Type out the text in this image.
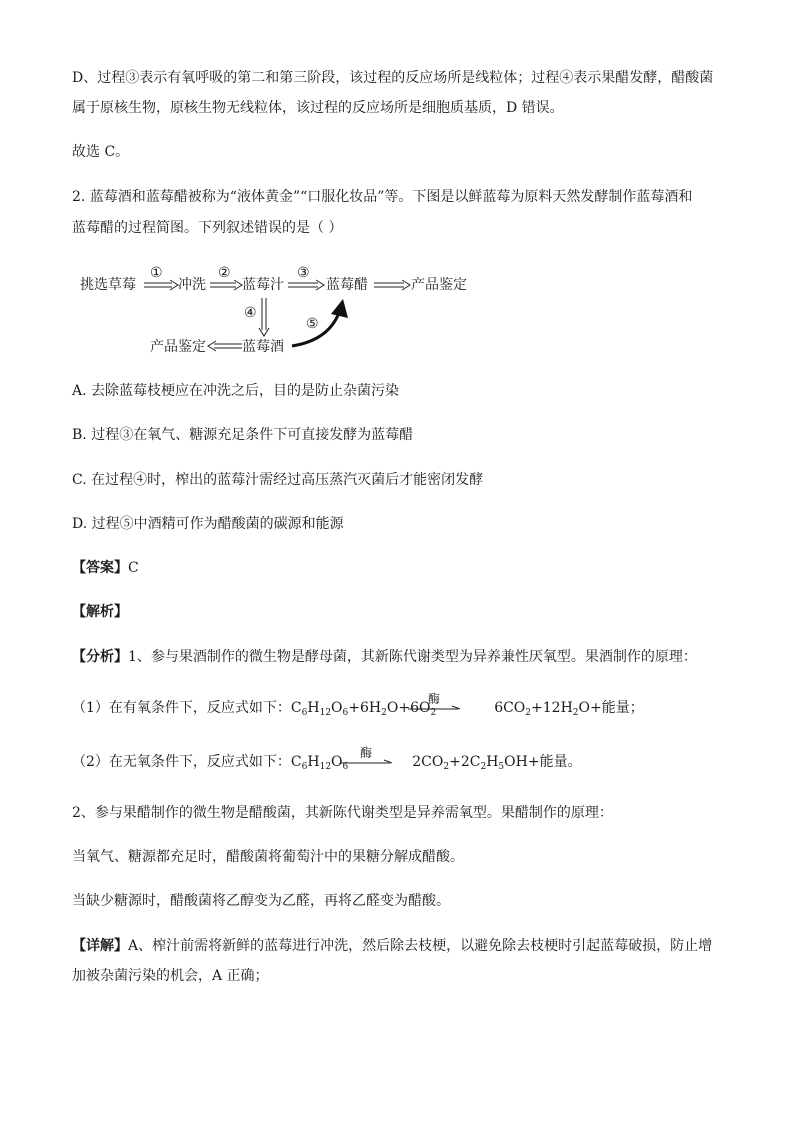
D、过程③表示有氧呼吸的第二和第三阶段，该过程的反应场所是线粒体；过程④表示果醋发酵，醋酸菌
属于原核生物，原核生物无线粒体，该过程的反应场所是细胞质基质，D 错误。
故选 C。
2. 蓝莓酒和蓝莓醋被称为“液体黄金”“口服化妆品”等。下图是以鲜蓝莓为原料天然发酵制作蓝莓酒和
蓝莓醋的过程简图。下列叙述错误的是（ ）
挑选草莓	冲洗	蓝莓汁	蓝莓醋	产品鉴定
蓝莓酒
产品鉴定
①	②	③
④
⑤
A. 去除蓝莓枝梗应在冲洗之后，目的是防止杂菌污染
B. 过程③在氧气、糖源充足条件下可直接发酵为蓝莓醋
C. 在过程④时，榨出的蓝莓汁需经过高压蒸汽灭菌后才能密闭发酵
D. 过程⑤中酒精可作为醋酸菌的碳源和能源
【答案】C
【解析】
【分析】1、参与果酒制作的微生物是酵母菌，其新陈代谢类型为异养兼性厌氧型。果酒制作的原理：
（1）在有氧条件下，反应式如下：$C_6H_{12}O_6+6H_2O+6O_2$	$6CO_2+12H_2O+$能量；
酶
（2）在无氧条件下，反应式如下：$C_6H_{12}O_6$	$2CO_2+2C_2H_5OH+$能量。
酶
2、参与果醋制作的微生物是醋酸菌，其新陈代谢类型是异养需氧型。果醋制作的原理：
当氧气、糖源都充足时，醋酸菌将葡萄汁中的果糖分解成醋酸。
当缺少糖源时，醋酸菌将乙醇变为乙醛，再将乙醛变为醋酸。
【详解】A、榨汁前需将新鲜的蓝莓进行冲洗，然后除去枝梗，以避免除去枝梗时引起蓝莓破损，防止增
加被杂菌污染的机会，A 正确；
